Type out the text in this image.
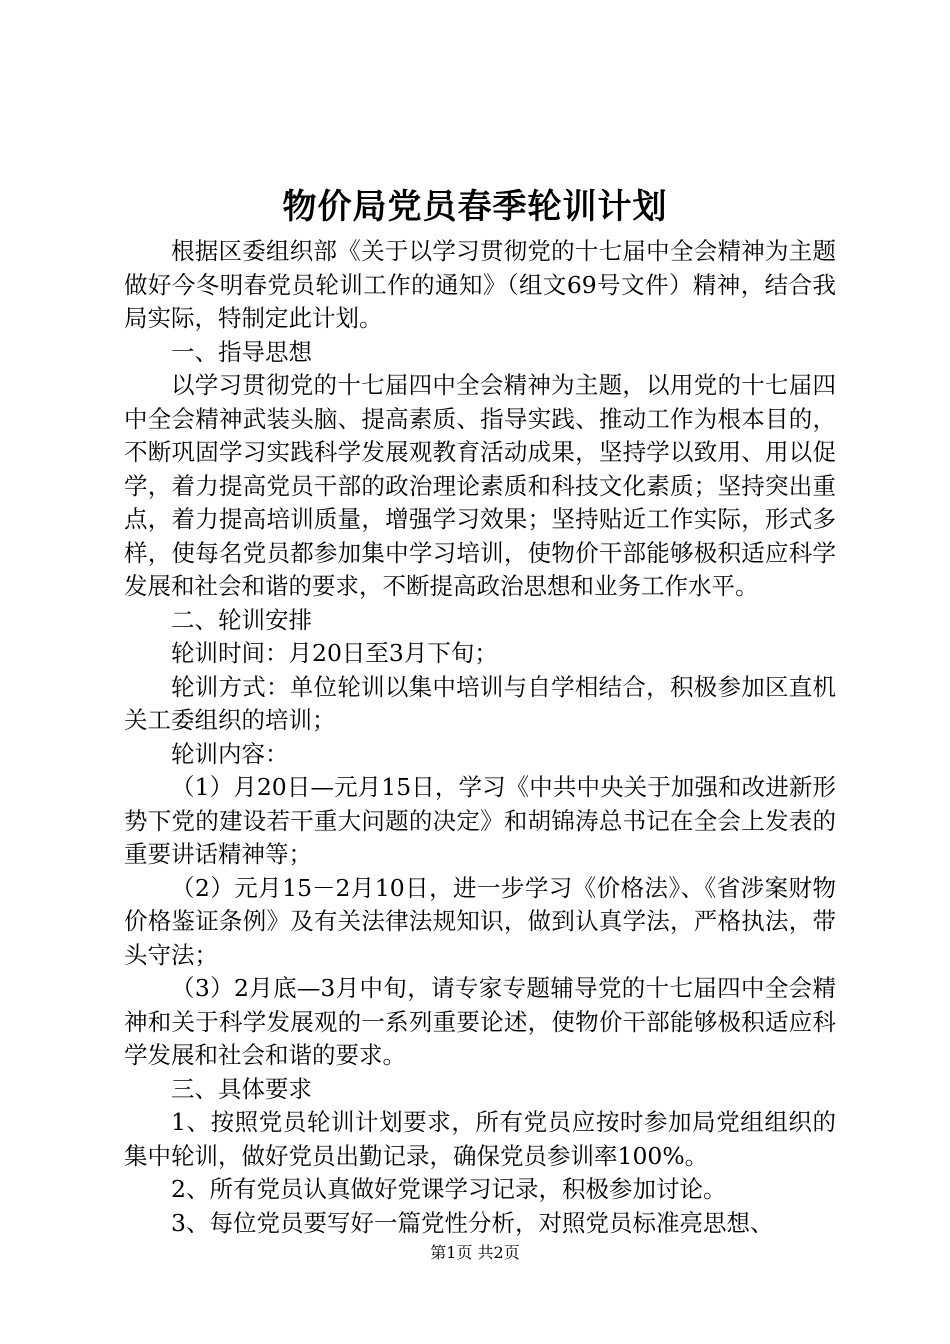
物价局党员春季轮训计划

根据区委组织部《关于以学习贯彻党的十七届中全会精神为主题做好今冬明春党员轮训工作的通知》（组文69号文件）精神，结合我局实际，特制定此计划。

一、指导思想

以学习贯彻党的十七届四中全会精神为主题，以用党的十七届四中全会精神武装头脑、提高素质、指导实践、推动工作为根本目的，不断巩固学习实践科学发展观教育活动成果，坚持学以致用、用以促学，着力提高党员干部的政治理论素质和科技文化素质；坚持突出重点，着力提高培训质量，增强学习效果；坚持贴近工作实际，形式多样，使每名党员都参加集中学习培训，使物价干部能够极积适应科学发展和社会和谐的要求，不断提高政治思想和业务工作水平。

二、轮训安排

轮训时间：月20日至3月下旬；

轮训方式：单位轮训以集中培训与自学相结合，积极参加区直机关工委组织的培训；

轮训内容：

（1）月20日—元月15日，学习《中共中央关于加强和改进新形势下党的建设若干重大问题的决定》和胡锦涛总书记在全会上发表的重要讲话精神等；

（2）元月15－2月10日，进一步学习《价格法》、《省涉案财物价格鉴证条例》及有关法律法规知识，做到认真学法，严格执法，带头守法；

（3）2月底—3月中旬，请专家专题辅导党的十七届四中全会精神和关于科学发展观的一系列重要论述，使物价干部能够极积适应科学发展和社会和谐的要求。

三、具体要求

1、按照党员轮训计划要求，所有党员应按时参加局党组组织的集中轮训，做好党员出勤记录，确保党员参训率100%。

2、所有党员认真做好党课学习记录，积极参加讨论。

3、每位党员要写好一篇党性分析，对照党员标准亮思想、

第1页 共2页
